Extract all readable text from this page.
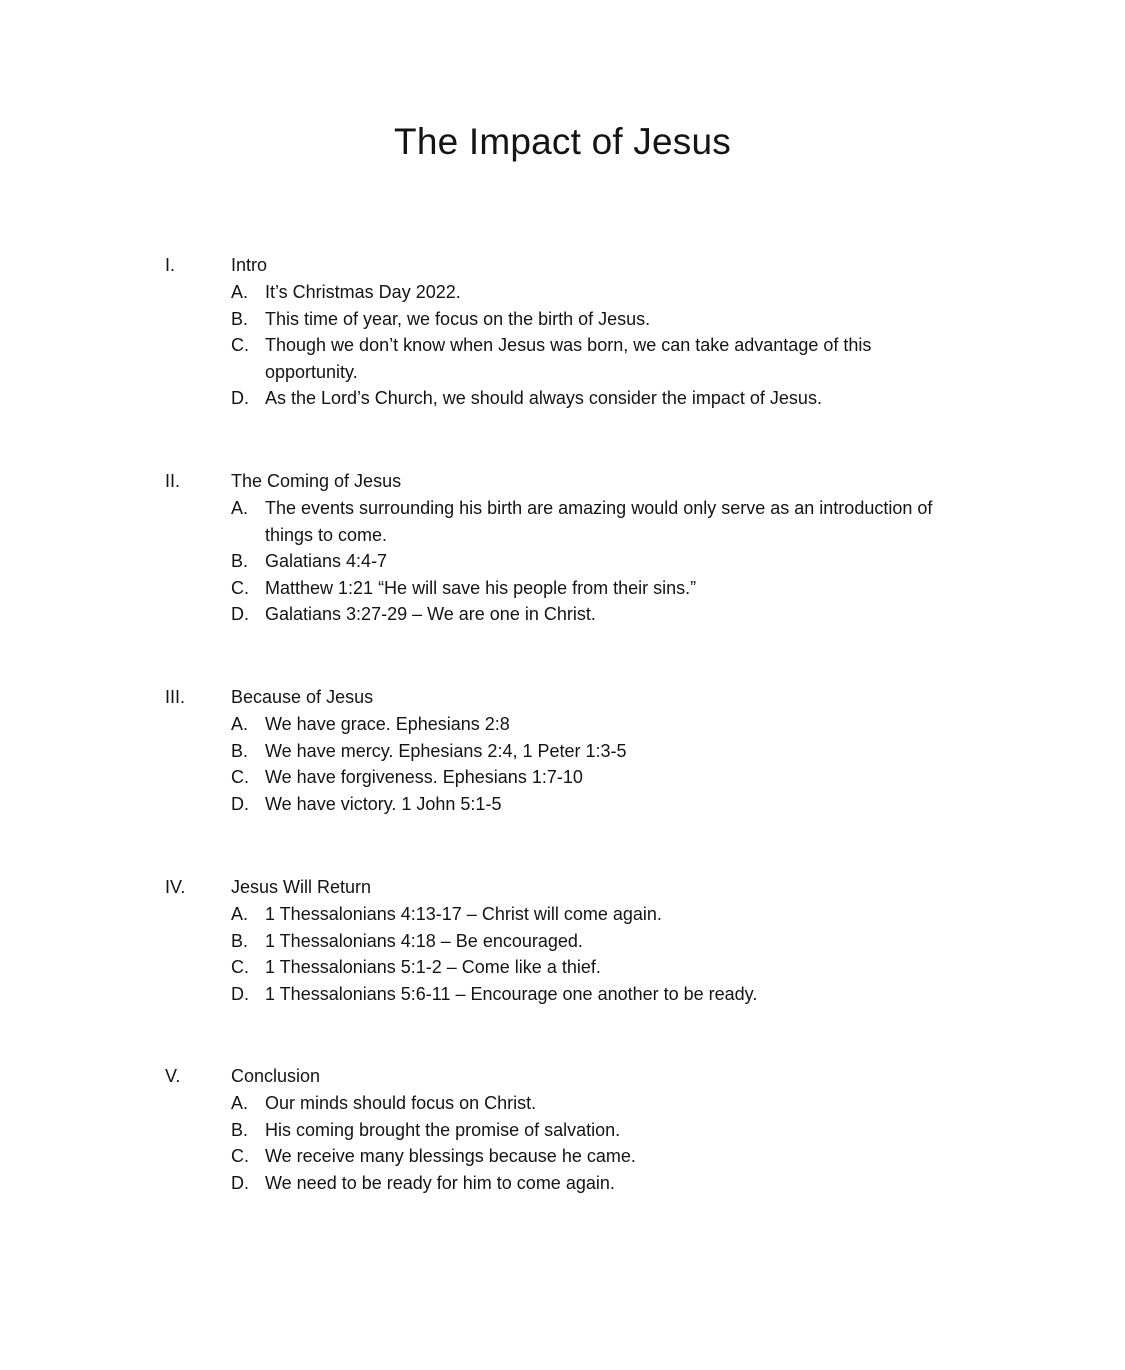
The Impact of Jesus
I.	Intro
A. It’s Christmas Day 2022.
B. This time of year, we focus on the birth of Jesus.
C. Though we don’t know when Jesus was born, we can take advantage of this opportunity.
D. As the Lord’s Church, we should always consider the impact of Jesus.
II.	The Coming of Jesus
A. The events surrounding his birth are amazing would only serve as an introduction of things to come.
B. Galatians 4:4-7
C. Matthew 1:21 “He will save his people from their sins.”
D. Galatians 3:27-29 – We are one in Christ.
III.	Because of Jesus
A. We have grace. Ephesians 2:8
B. We have mercy. Ephesians 2:4, 1 Peter 1:3-5
C. We have forgiveness. Ephesians 1:7-10
D. We have victory. 1 John 5:1-5
IV.	Jesus Will Return
A. 1 Thessalonians 4:13-17 – Christ will come again.
B. 1 Thessalonians 4:18 – Be encouraged.
C. 1 Thessalonians 5:1-2 – Come like a thief.
D. 1 Thessalonians 5:6-11 – Encourage one another to be ready.
V.	Conclusion
A. Our minds should focus on Christ.
B. His coming brought the promise of salvation.
C. We receive many blessings because he came.
D. We need to be ready for him to come again.
